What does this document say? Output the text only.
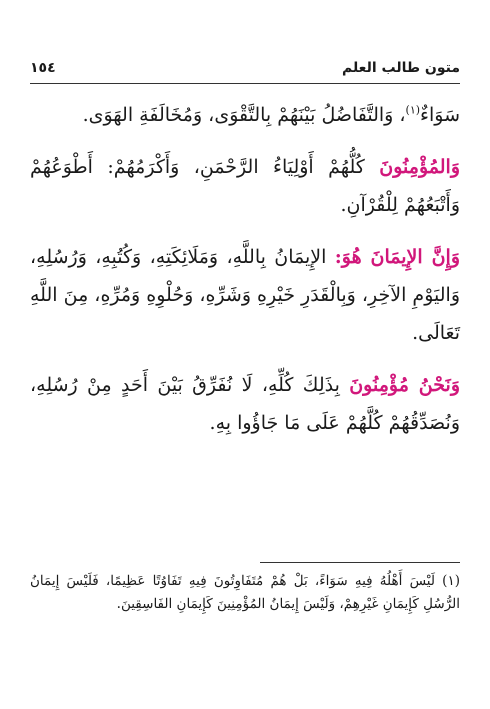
١٥٤	متون طالب العلم

سَوَاءٌ$^{(١)}$، وَالتَّفَاضُلُ بَيْنَهُمْ بِالتَّقْوَى، وَمُخَالَفَةِ الهَوَى.

وَالمُؤْمِنُونَ كُلُّهُمْ أَوْلِيَاءُ الرَّحْمَنِ، وَأَكْرَمُهُمْ: أَطْوَعُهُمْ وَأَتْبَعُهُمْ لِلْقُرْآنِ.

وَإِنَّ الإِيمَانَ هُوَ: الإِيمَانُ بِاللَّهِ، وَمَلَائِكَتِهِ، وَكُتُبِهِ، وَرُسُلِهِ، وَاليَوْمِ الآخِرِ، وَبِالْقَدَرِ خَيْرِهِ وَشَرِّهِ، وَحُلْوِهِ وَمُرِّهِ، مِنَ اللَّهِ تَعَالَى.

وَنَحْنُ مُؤْمِنُونَ بِذَلِكَ كُلِّهِ، لَا نُفَرِّقُ بَيْنَ أَحَدٍ مِنْ رُسُلِهِ، وَنُصَدِّقُهُمْ كُلَّهُمْ عَلَى مَا جَاؤُوا بِهِ.

(١) لَيْسَ أَهْلُهُ فِيهِ سَوَاءً، بَلْ هُمْ مُتَفَاوِتُونَ فِيهِ تَفَاوُتًا عَظِيمًا، فَلَيْسَ إِيمَانُ الرُّسُلِ كَإِيمَانِ غَيْرِهِمْ، وَلَيْسَ إِيمَانُ المُؤْمِنِينَ كَإِيمَانِ الفَاسِقِينَ.
